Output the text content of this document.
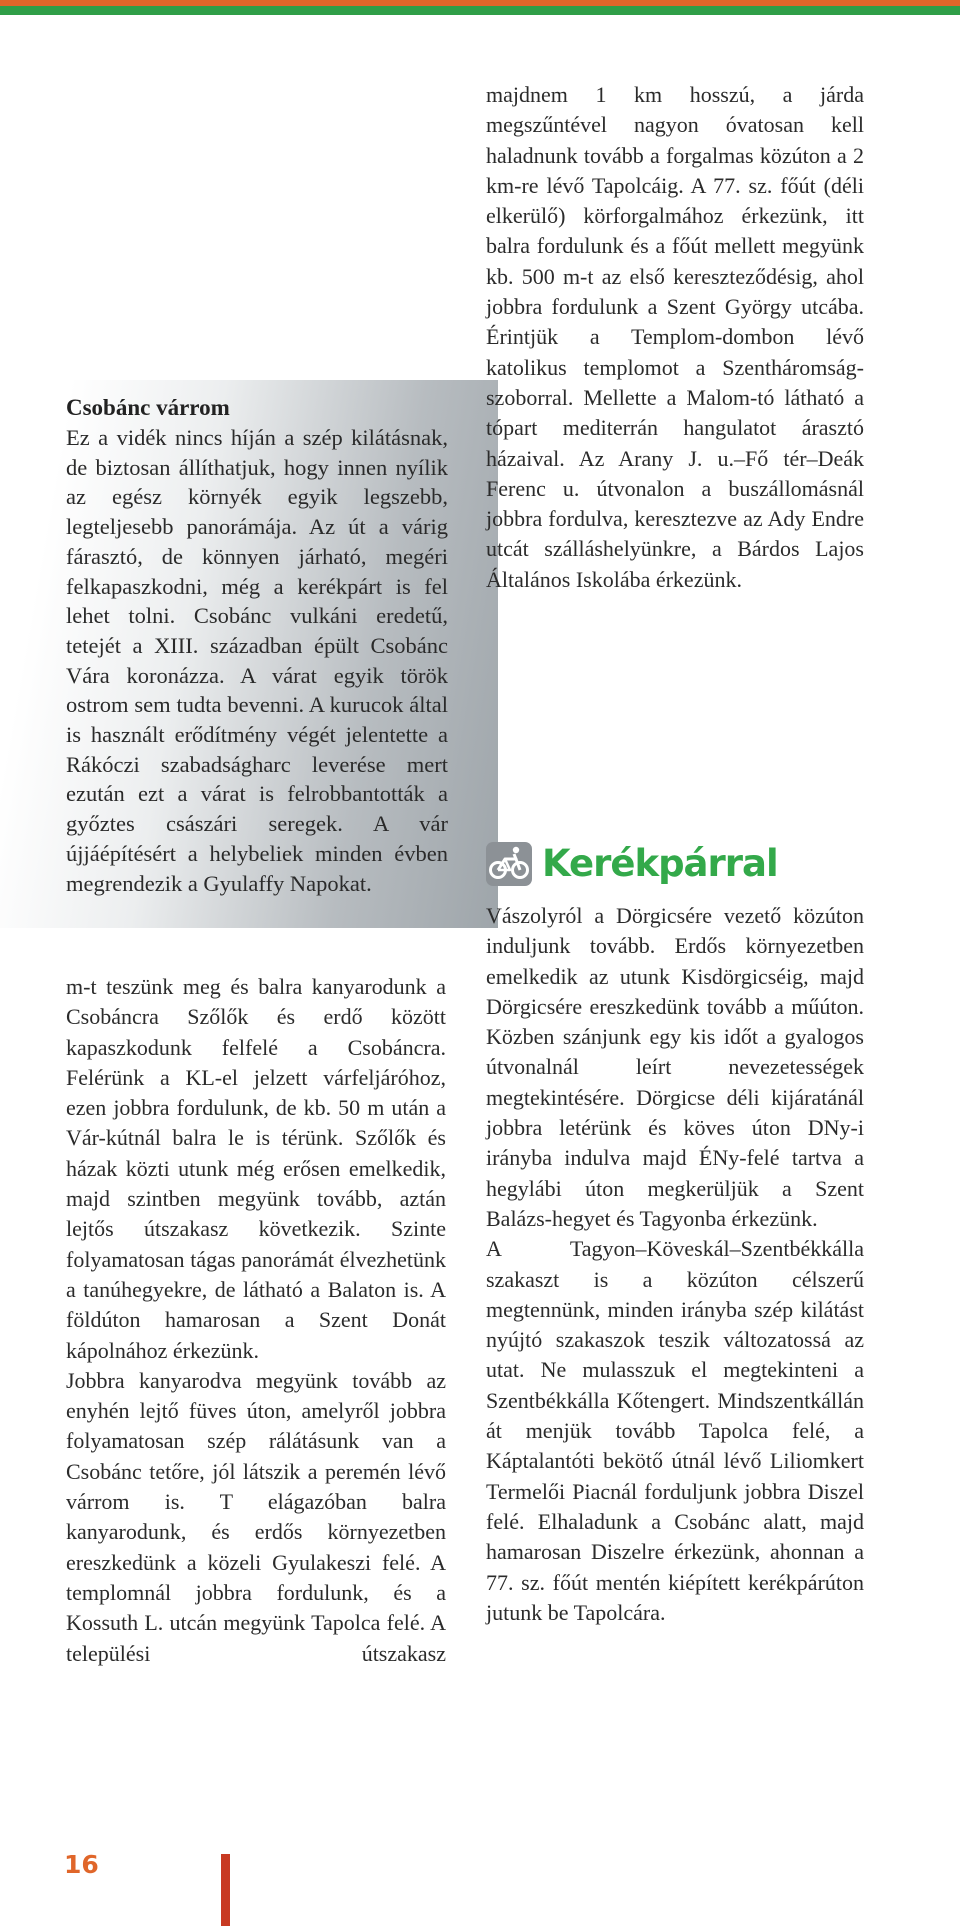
Csobánc várrom

Ez a vidék nincs híján a szép kilátásnak, de biztosan állíthatjuk, hogy innen nyílik az egész környék egyik legszebb, legteljesebb panorámája. Az út a várig fárasztó, de könnyen járható, megéri felkapaszkodni, még a kerékpárt is fel lehet tolni. Csobánc vulkáni eredetű, tetejét a XIII. században épült Csobánc Vára koronázza. A várat egyik török ostrom sem tudta bevenni. A kurucok által is használt erődítmény végét jelentette a Rákóczi szabadságharc leverése mert ezután ezt a várat is felrobbantották a győztes császári seregek. A vár újjáépítésért a helybeliek minden évben megrendezik a Gyulaffy Napokat.

m-t teszünk meg és balra kanyarodunk a Csobáncra Szőlők és erdő között kapaszkodunk felfelé a Csobáncra. Felérünk a KL-el jelzett várfeljáróhoz, ezen jobbra fordulunk, de kb. 50 m után a Vár-kútnál balra le is térünk. Szőlők és házak közti utunk még erősen emelkedik, majd szintben megyünk tovább, aztán lejtős útszakasz következik. Szinte folyamatosan tágas panorámát élvezhetünk a tanúhegyekre, de látható a Balaton is. A földúton hamarosan a Szent Donát kápolnához érkezünk.

Jobbra kanyarodva megyünk tovább az enyhén lejtő füves úton, amelyről jobbra folyamatosan szép rálátásunk van a Csobánc tetőre, jól látszik a peremén lévő várrom is. T elágazóban balra kanyarodunk, és erdős környezetben ereszkedünk a közeli Gyulakeszi felé. A templomnál jobbra fordulunk, és a Kossuth L. utcán megyünk Tapolca felé. A települési útszakasz

majdnem 1 km hosszú, a járda megszűntével nagyon óvatosan kell haladnunk tovább a forgalmas közúton a 2 km-re lévő Tapolcáig. A 77. sz. főút (déli elkerülő) körforgalmához érkezünk, itt balra fordulunk és a főút mellett megyünk kb. 500 m-t az első kereszteződésig, ahol jobbra fordulunk a Szent György utcába. Érintjük a Templom-dombon lévő katolikus templomot a Szentháromság-szoborral. Mellette a Malom-tó látható a tópart mediterrán hangulatot árasztó házaival. Az Arany J. u.–Fő tér–Deák Ferenc u. útvonalon a buszállomásnál jobbra fordulva, keresztezve az Ady Endre utcát szálláshelyünkre, a Bárdos Lajos Általános Iskolába érkezünk.

Kerékpárral

Vászolyról a Dörgicsére vezető közúton induljunk tovább. Erdős környezetben emelkedik az utunk Kisdörgicséig, majd Dörgicsére ereszkedünk tovább a műúton. Közben szánjunk egy kis időt a gyalogos útvonalnál leírt nevezetességek megtekintésére. Dörgicse déli kijáratánál jobbra letérünk és köves úton DNy-i irányba indulva majd ÉNy-felé tartva a hegylábi úton megkerüljük a Szent Balázs-hegyet és Tagyonba érkezünk.

A Tagyon–Köveskál–Szentbékkálla szakaszt is a közúton célszerű megtennünk, minden irányba szép kilátást nyújtó szakaszok teszik változatossá az utat. Ne mulasszuk el megtekinteni a Szentbékkálla Kőtengert. Mindszentkállán át menjük tovább Tapolca felé, a Káptalantóti bekötő útnál lévő Liliomkert Termelői Piacnál forduljunk jobbra Diszel felé. Elhaladunk a Csobánc alatt, majd hamarosan Diszelre érkezünk, ahonnan a 77. sz. főút mentén kiépített kerékpárúton jutunk be Tapolcára.

16
